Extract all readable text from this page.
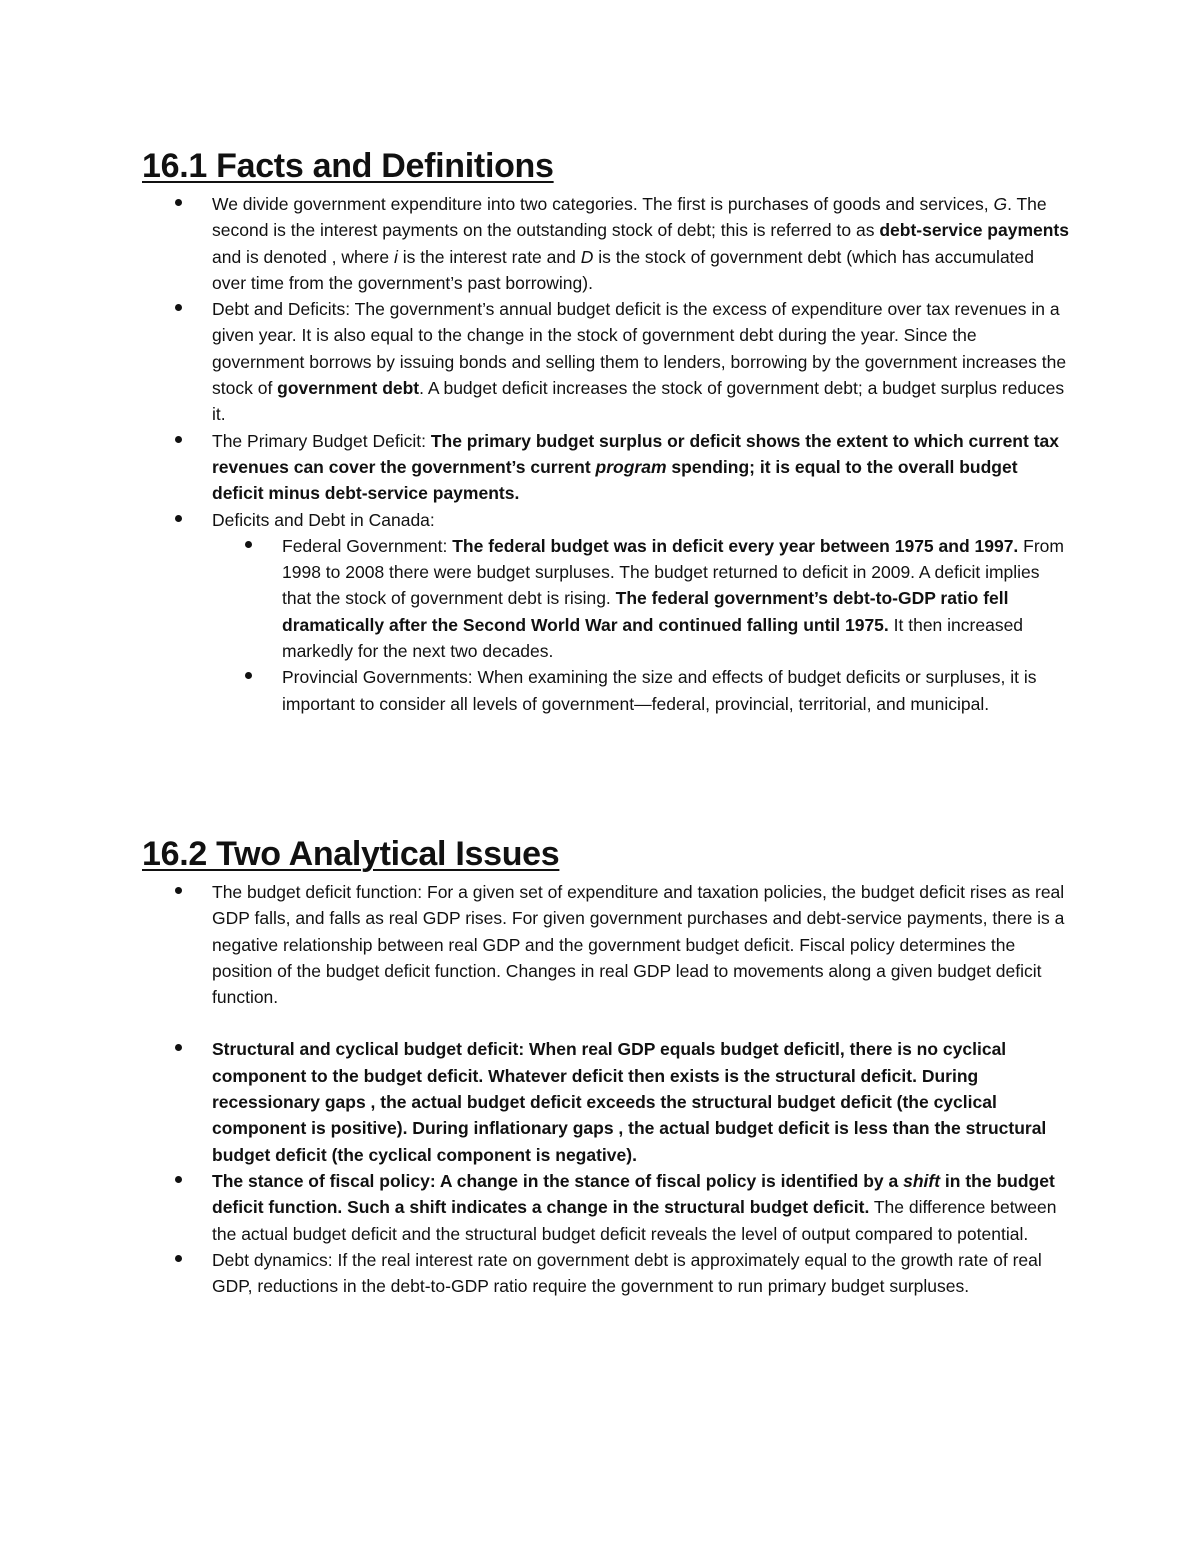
16.1 Facts and Definitions
We divide government expenditure into two categories. The first is purchases of goods and services, G. The second is the interest payments on the outstanding stock of debt; this is referred to as debt-service payments and is denoted , where i is the interest rate and D is the stock of government debt (which has accumulated over time from the government’s past borrowing).
Debt and Deficits: The government’s annual budget deficit is the excess of expenditure over tax revenues in a given year. It is also equal to the change in the stock of government debt during the year. Since the government borrows by issuing bonds and selling them to lenders, borrowing by the government increases the stock of government debt. A budget deficit increases the stock of government debt; a budget surplus reduces it.
The Primary Budget Deficit: The primary budget surplus or deficit shows the extent to which current tax revenues can cover the government’s current program spending; it is equal to the overall budget deficit minus debt-service payments.
Deficits and Debt in Canada:
Federal Government: The federal budget was in deficit every year between 1975 and 1997. From 1998 to 2008 there were budget surpluses. The budget returned to deficit in 2009. A deficit implies that the stock of government debt is rising. The federal government’s debt-to-GDP ratio fell dramatically after the Second World War and continued falling until 1975. It then increased markedly for the next two decades.
Provincial Governments: When examining the size and effects of budget deficits or surpluses, it is important to consider all levels of government—federal, provincial, territorial, and municipal.
16.2 Two Analytical Issues
The budget deficit function: For a given set of expenditure and taxation policies, the budget deficit rises as real GDP falls, and falls as real GDP rises. For given government purchases and debt-service payments, there is a negative relationship between real GDP and the government budget deficit. Fiscal policy determines the position of the budget deficit function. Changes in real GDP lead to movements along a given budget deficit function.
Structural and cyclical budget deficit: When real GDP equals budget deficitl, there is no cyclical component to the budget deficit. Whatever deficit then exists is the structural deficit. During recessionary gaps , the actual budget deficit exceeds the structural budget deficit (the cyclical component is positive). During inflationary gaps , the actual budget deficit is less than the structural budget deficit (the cyclical component is negative).
The stance of fiscal policy: A change in the stance of fiscal policy is identified by a shift in the budget deficit function. Such a shift indicates a change in the structural budget deficit. The difference between the actual budget deficit and the structural budget deficit reveals the level of output compared to potential.
Debt dynamics: If the real interest rate on government debt is approximately equal to the growth rate of real GDP, reductions in the debt-to-GDP ratio require the government to run primary budget surpluses.
